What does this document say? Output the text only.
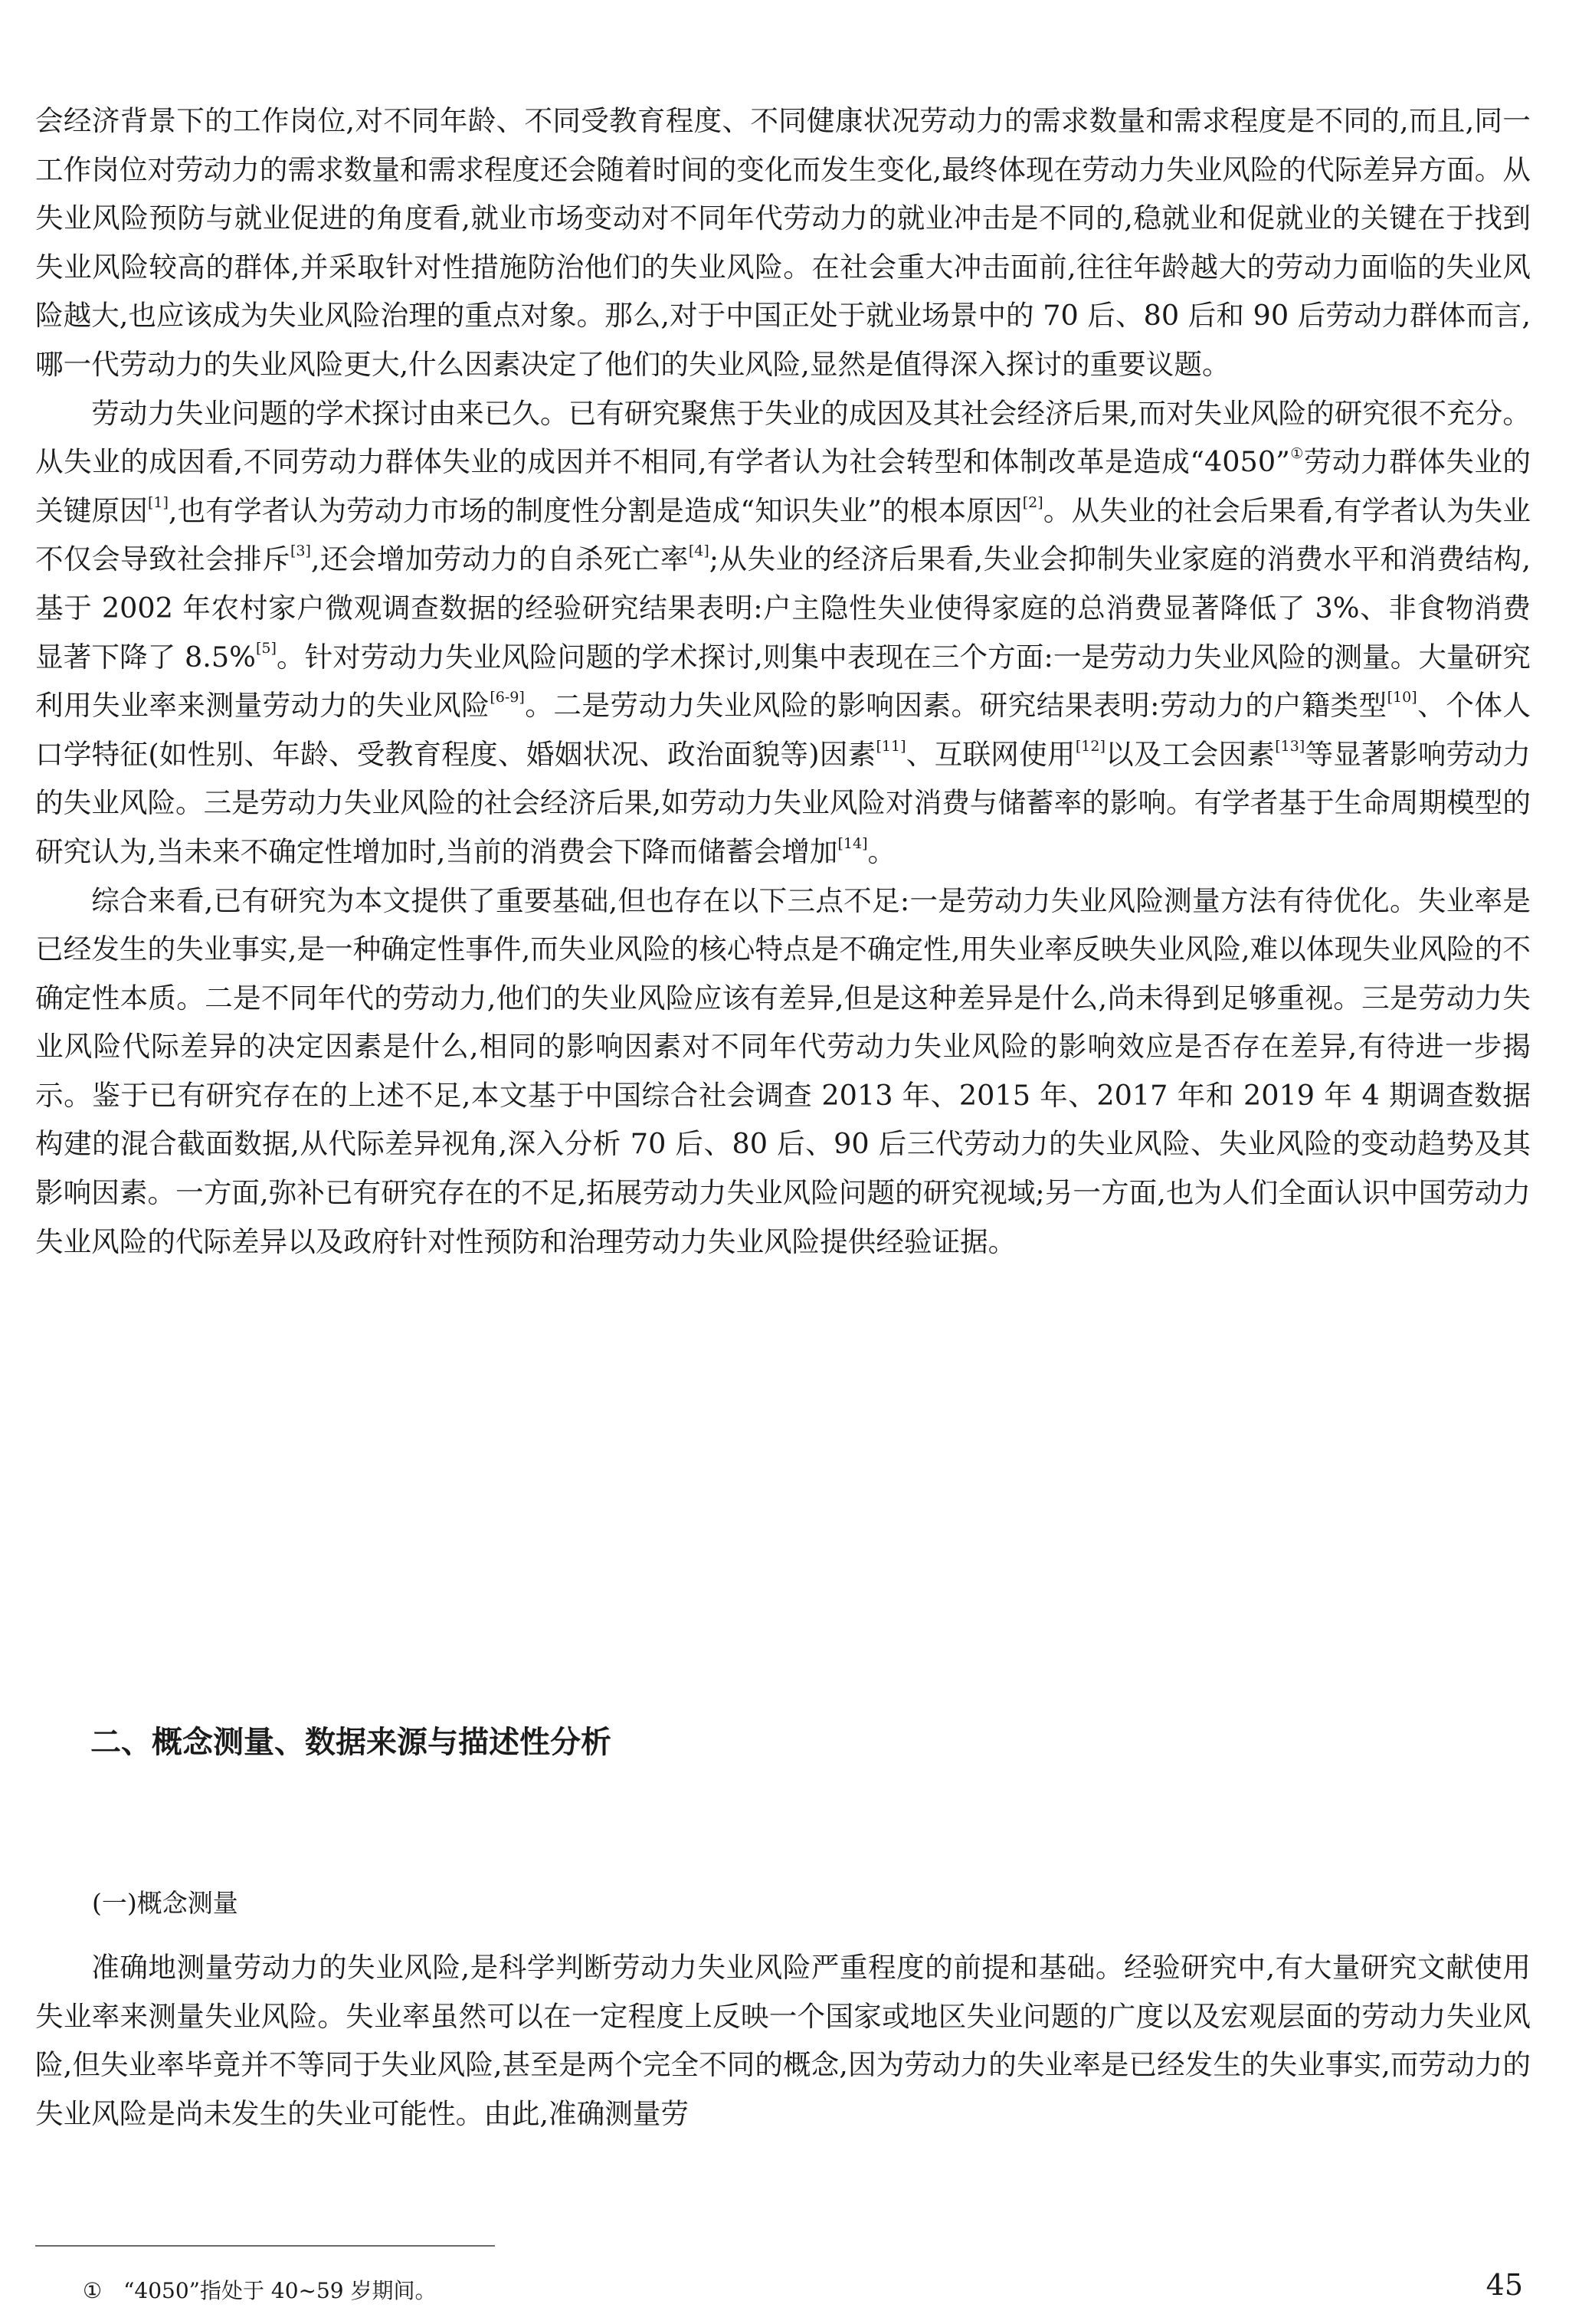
会经济背景下的工作岗位,对不同年龄、不同受教育程度、不同健康状况劳动力的需求数量和需求程度是不同的,而且,同一工作岗位对劳动力的需求数量和需求程度还会随着时间的变化而发生变化,最终体现在劳动力失业风险的代际差异方面。从失业风险预防与就业促进的角度看,就业市场变动对不同年代劳动力的就业冲击是不同的,稳就业和促就业的关键在于找到失业风险较高的群体,并采取针对性措施防治他们的失业风险。在社会重大冲击面前,往往年龄越大的劳动力面临的失业风险越大,也应该成为失业风险治理的重点对象。那么,对于中国正处于就业场景中的 70 后、80 后和 90 后劳动力群体而言,哪一代劳动力的失业风险更大,什么因素决定了他们的失业风险,显然是值得深入探讨的重要议题。

劳动力失业问题的学术探讨由来已久。已有研究聚焦于失业的成因及其社会经济后果,而对失业风险的研究很不充分。从失业的成因看,不同劳动力群体失业的成因并不相同,有学者认为社会转型和体制改革是造成“4050”①劳动力群体失业的关键原因[1],也有学者认为劳动力市场的制度性分割是造成“知识失业”的根本原因[2]。从失业的社会后果看,有学者认为失业不仅会导致社会排斥[3],还会增加劳动力的自杀死亡率[4];从失业的经济后果看,失业会抑制失业家庭的消费水平和消费结构,基于 2002 年农村家户微观调查数据的经验研究结果表明:户主隐性失业使得家庭的总消费显著降低了 3%、非食物消费显著下降了 8.5%[5]。针对劳动力失业风险问题的学术探讨,则集中表现在三个方面:一是劳动力失业风险的测量。大量研究利用失业率来测量劳动力的失业风险[6-9]。二是劳动力失业风险的影响因素。研究结果表明:劳动力的户籍类型[10]、个体人口学特征(如性别、年龄、受教育程度、婚姻状况、政治面貌等)因素[11]、互联网使用[12]以及工会因素[13]等显著影响劳动力的失业风险。三是劳动力失业风险的社会经济后果,如劳动力失业风险对消费与储蓄率的影响。有学者基于生命周期模型的研究认为,当未来不确定性增加时,当前的消费会下降而储蓄会增加[14]。

综合来看,已有研究为本文提供了重要基础,但也存在以下三点不足:一是劳动力失业风险测量方法有待优化。失业率是已经发生的失业事实,是一种确定性事件,而失业风险的核心特点是不确定性,用失业率反映失业风险,难以体现失业风险的不确定性本质。二是不同年代的劳动力,他们的失业风险应该有差异,但是这种差异是什么,尚未得到足够重视。三是劳动力失业风险代际差异的决定因素是什么,相同的影响因素对不同年代劳动力失业风险的影响效应是否存在差异,有待进一步揭示。鉴于已有研究存在的上述不足,本文基于中国综合社会调查 2013 年、2015 年、2017 年和 2019 年 4 期调查数据构建的混合截面数据,从代际差异视角,深入分析 70 后、80 后、90 后三代劳动力的失业风险、失业风险的变动趋势及其影响因素。一方面,弥补已有研究存在的不足,拓展劳动力失业风险问题的研究视域;另一方面,也为人们全面认识中国劳动力失业风险的代际差异以及政府针对性预防和治理劳动力失业风险提供经验证据。

二、概念测量、数据来源与描述性分析

(一)概念测量

准确地测量劳动力的失业风险,是科学判断劳动力失业风险严重程度的前提和基础。经验研究中,有大量研究文献使用失业率来测量失业风险。失业率虽然可以在一定程度上反映一个国家或地区失业问题的广度以及宏观层面的劳动力失业风险,但失业率毕竟并不等同于失业风险,甚至是两个完全不同的概念,因为劳动力的失业率是已经发生的失业事实,而劳动力的失业风险是尚未发生的失业可能性。由此,准确测量劳

① “4050”指处于 40~59 岁期间。	45
